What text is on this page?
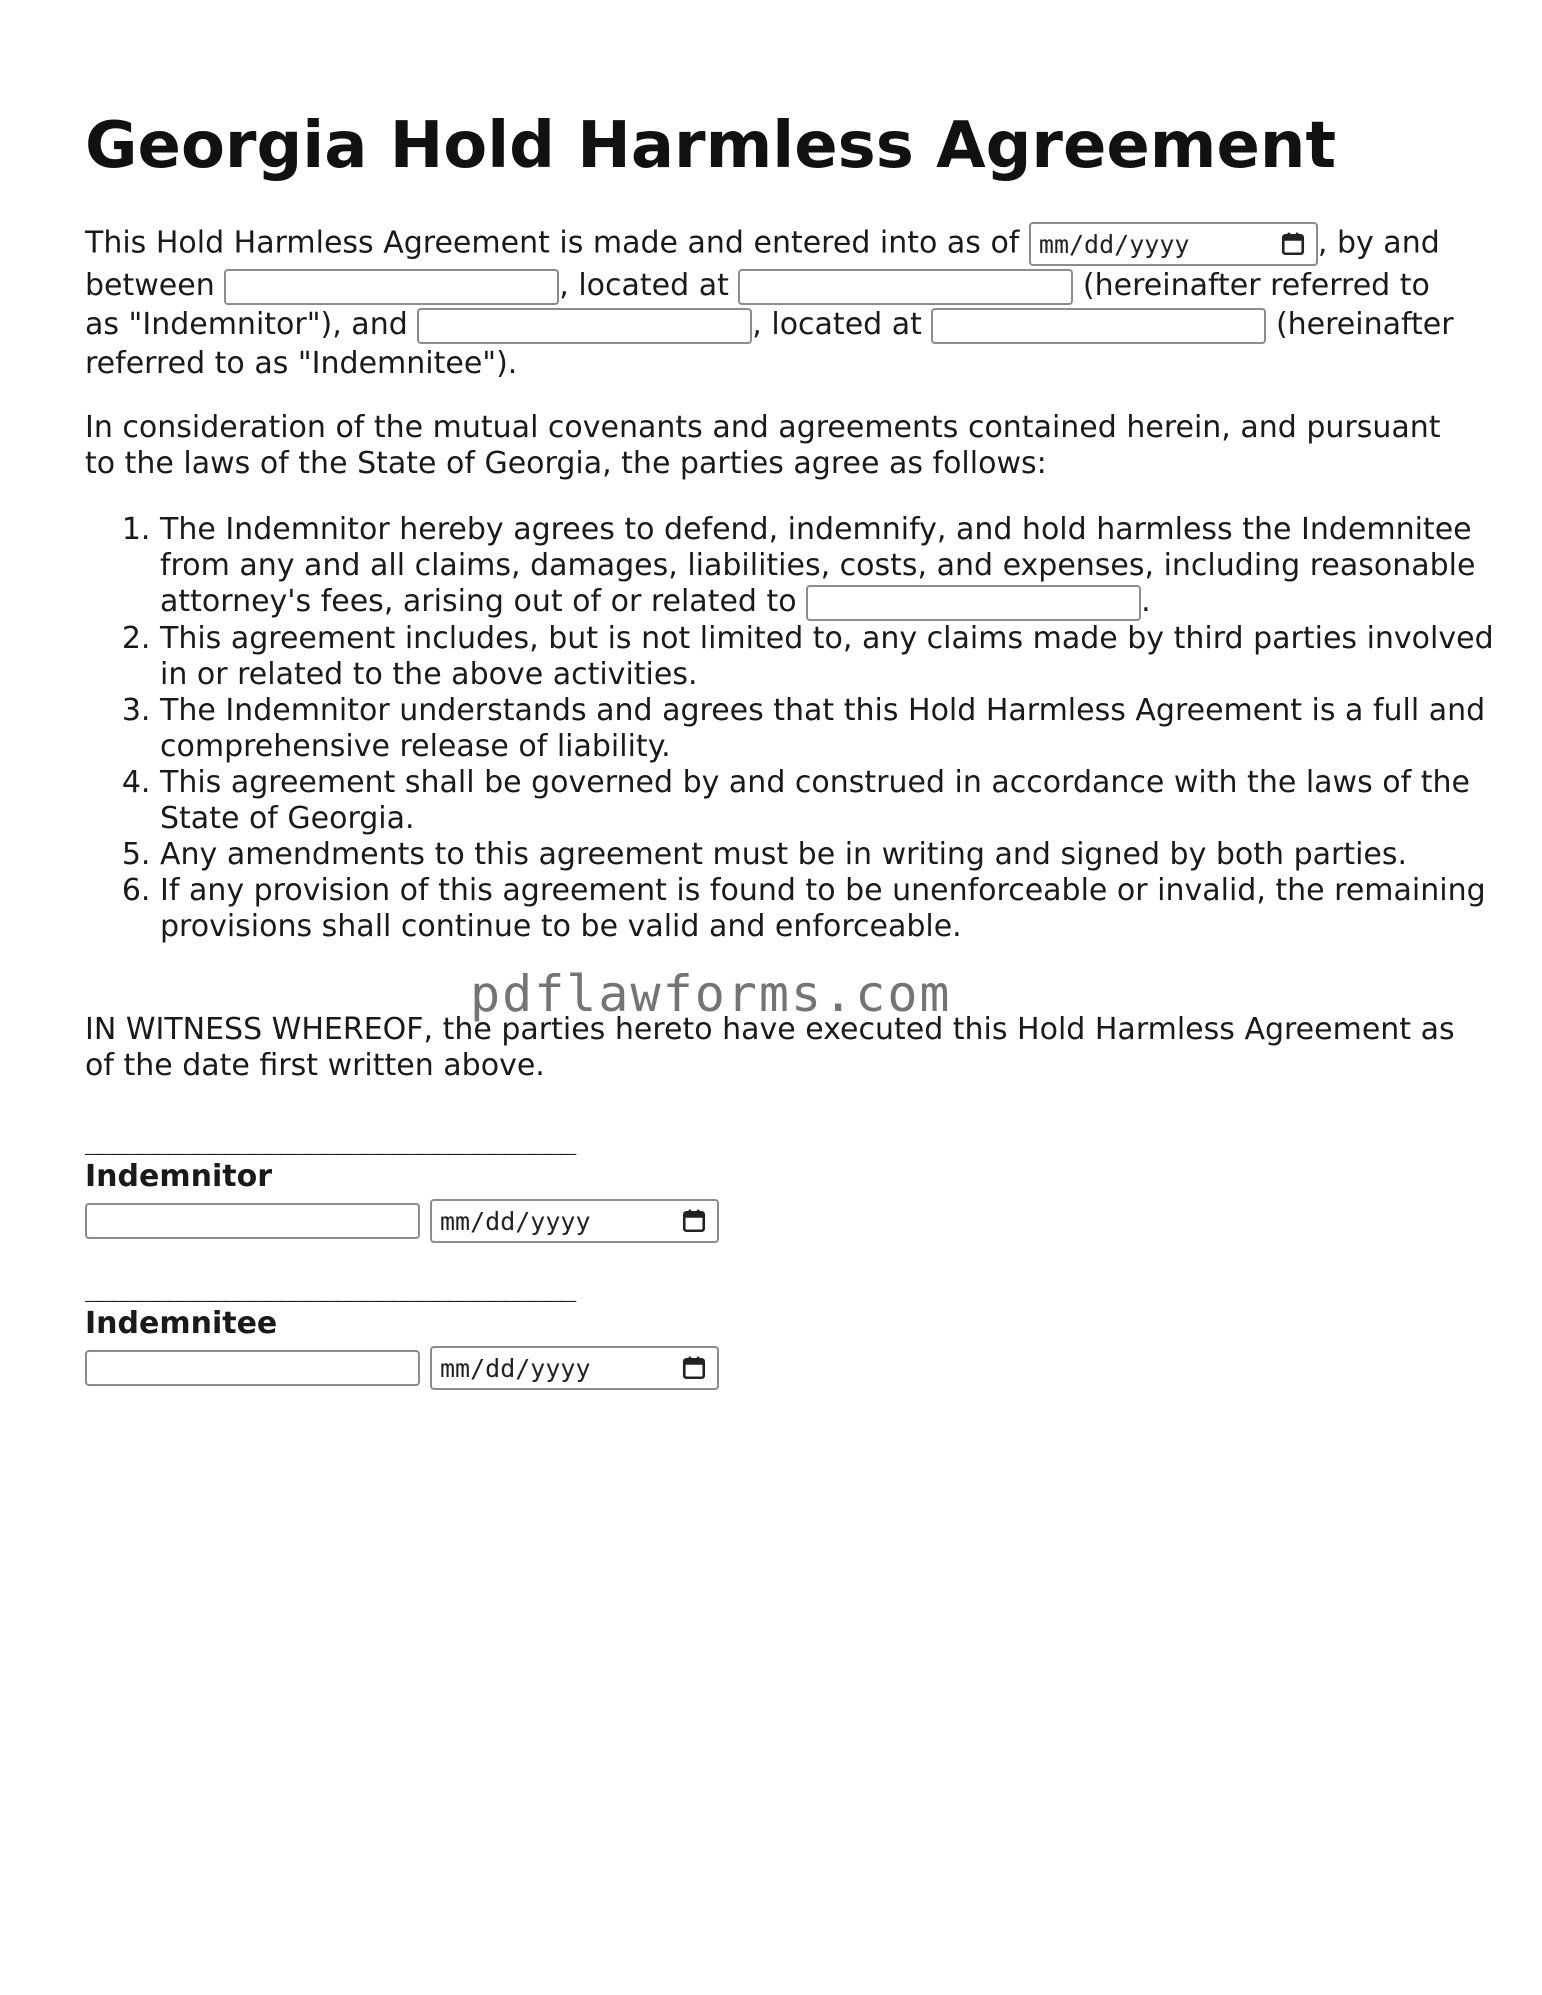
Georgia Hold Harmless Agreement

This Hold Harmless Agreement is made and entered into as of mm/dd/yyyy	, by and between	, located at	(hereinafter referred to as "Indemnitor"), and	, located at	(hereinafter referred to as "Indemnitee").

In consideration of the mutual covenants and agreements contained herein, and pursuant to the laws of the State of Georgia, the parties agree as follows:

1. The Indemnitor hereby agrees to defend, indemnify, and hold harmless the Indemnitee from any and all claims, damages, liabilities, costs, and expenses, including reasonable attorney's fees, arising out of or related to	.
2. This agreement includes, but is not limited to, any claims made by third parties involved in or related to the above activities.
3. The Indemnitor understands and agrees that this Hold Harmless Agreement is a full and comprehensive release of liability.
4. This agreement shall be governed by and construed in accordance with the laws of the State of Georgia.
5. Any amendments to this agreement must be in writing and signed by both parties.
6. If any provision of this agreement is found to be unenforceable or invalid, the remaining provisions shall continue to be valid and enforceable.

IN WITNESS WHEREOF, the parties hereto have executed this Hold Harmless Agreement as of the date first written above.

___________________________________
Indemnitor
mm/dd/yyyy
___________________________________
Indemnitee
mm/dd/yyyy
pdflawforms.com
